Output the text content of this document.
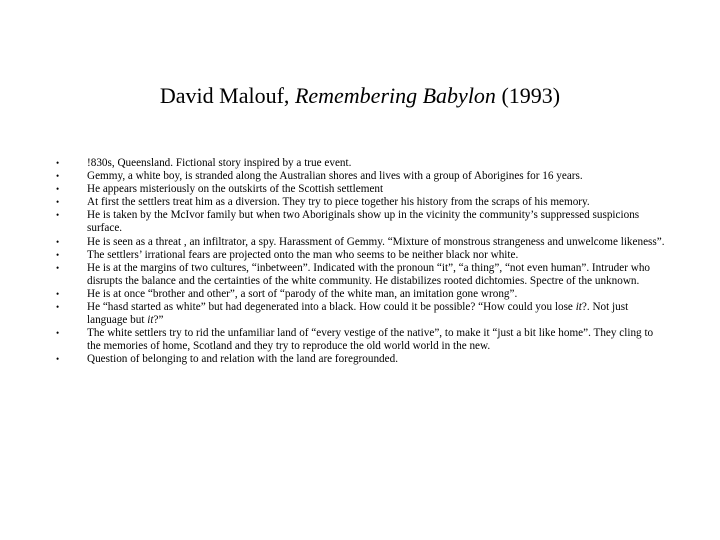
David Malouf, Remembering Babylon (1993)
• !830s, Queensland. Fictional story inspired by a true event.
• Gemmy, a white boy, is stranded along the Australian shores and lives with a group of Aborigines for 16 years.
• He appears misteriously on the outskirts of the Scottish settlement
• At first the settlers treat him as a diversion. They try to piece together his history from the scraps of his memory.
• He is taken by the McIvor family but when two Aboriginals show up in the vicinity the community’s suppressed suspicions surface.
• He is seen as a threat , an infiltrator, a spy. Harassment of Gemmy. “Mixture of monstrous strangeness and unwelcome likeness”.
• The settlers’ irrational fears are projected onto the man who seems to be neither black nor white.
• He is at the margins of two cultures, “inbetween”. Indicated with the pronoun “it”, “a thing”, “not even human”. Intruder who disrupts the balance and the certainties of the white community. He distabilizes rooted dichtomies. Spectre of the unknown.
• He is at once “brother and other”, a sort of “parody of the white man, an imitation gone wrong”.
• He “hasd started as white” but had degenerated into a black. How could it be possible? “How could you lose it?. Not just language but it?”
• The white settlers try to rid the unfamiliar land of “every vestige of the native”, to make it “just a bit like home”. They cling to the memories of home, Scotland and they try to reproduce the old world world in the new.
• Question of belonging to and relation with the land are foregrounded.
